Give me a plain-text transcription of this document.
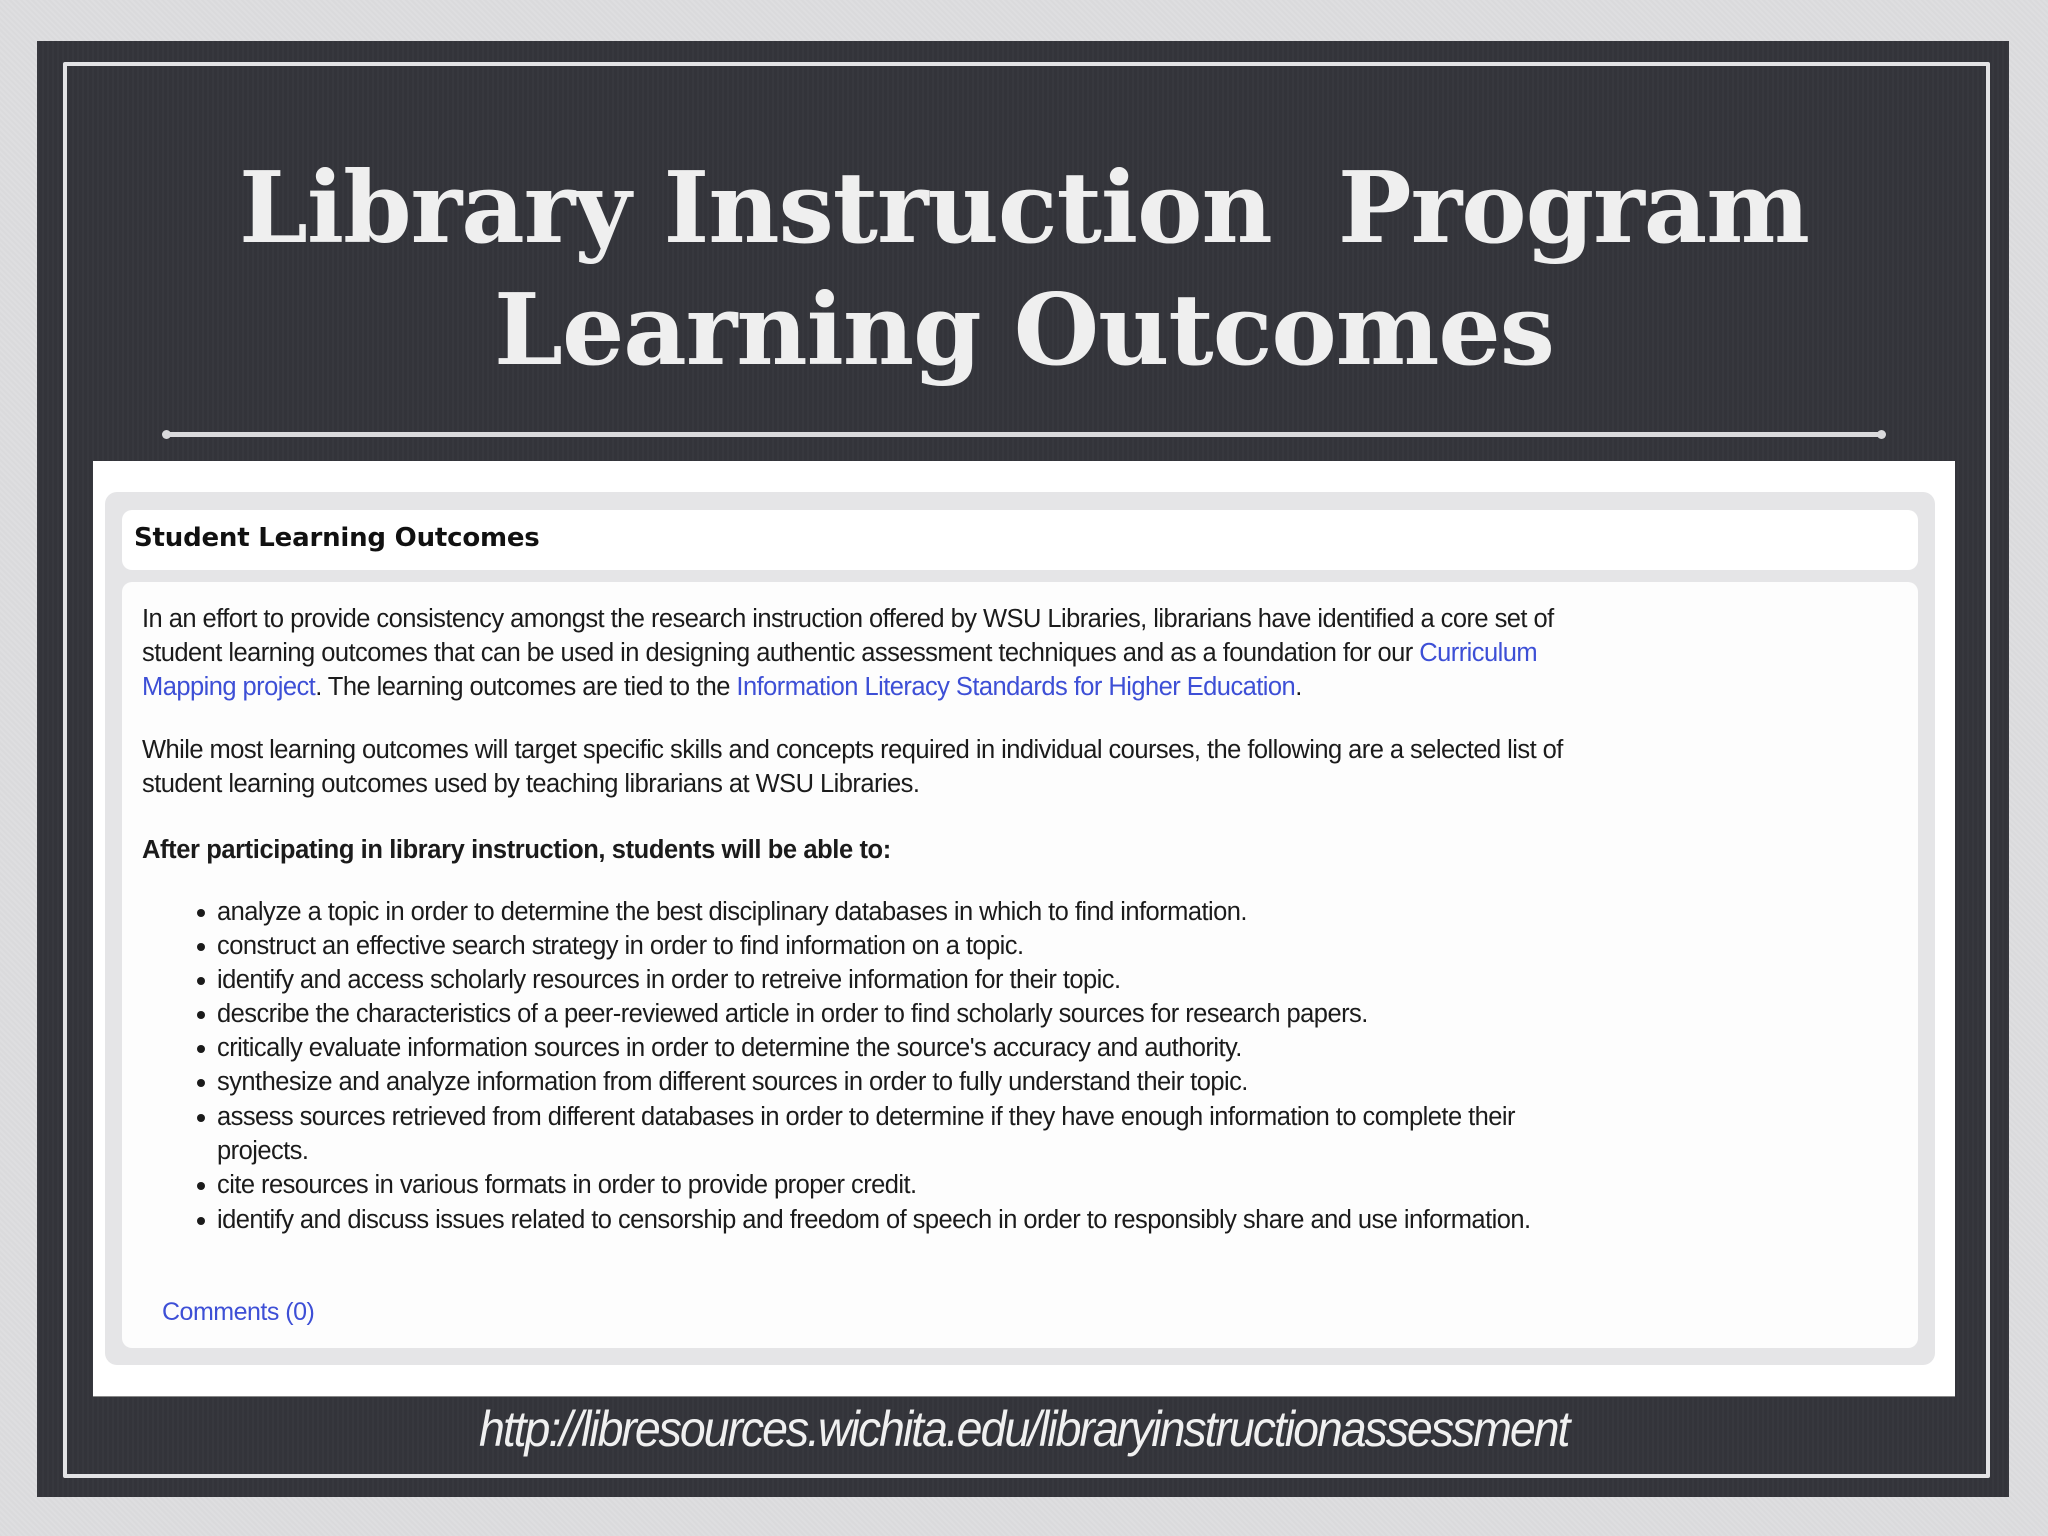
Library Instruction  Program
Learning Outcomes
Student Learning Outcomes
In an effort to provide consistency amongst the research instruction offered by WSU Libraries, librarians have identified a core set of
student learning outcomes that can be used in designing authentic assessment techniques and as a foundation for our Curriculum
Mapping project. The learning outcomes are tied to the Information Literacy Standards for Higher Education.
While most learning outcomes will target specific skills and concepts required in individual courses, the following are a selected list of
student learning outcomes used by teaching librarians at WSU Libraries.
After participating in library instruction, students will be able to:
analyze a topic in order to determine the best disciplinary databases in which to find information.
construct an effective search strategy in order to find information on a topic.
identify and access scholarly resources in order to retreive information for their topic.
describe the characteristics of a peer-reviewed article in order to find scholarly sources for research papers.
critically evaluate information sources in order to determine the source's accuracy and authority.
synthesize and analyze information from different sources in order to fully understand their topic.
assess sources retrieved from different databases in order to determine if they have enough information to complete their
projects.
cite resources in various formats in order to provide proper credit.
identify and discuss issues related to censorship and freedom of speech in order to responsibly share and use information.
Comments (0)
http://libresources.wichita.edu/libraryinstructionassessment
